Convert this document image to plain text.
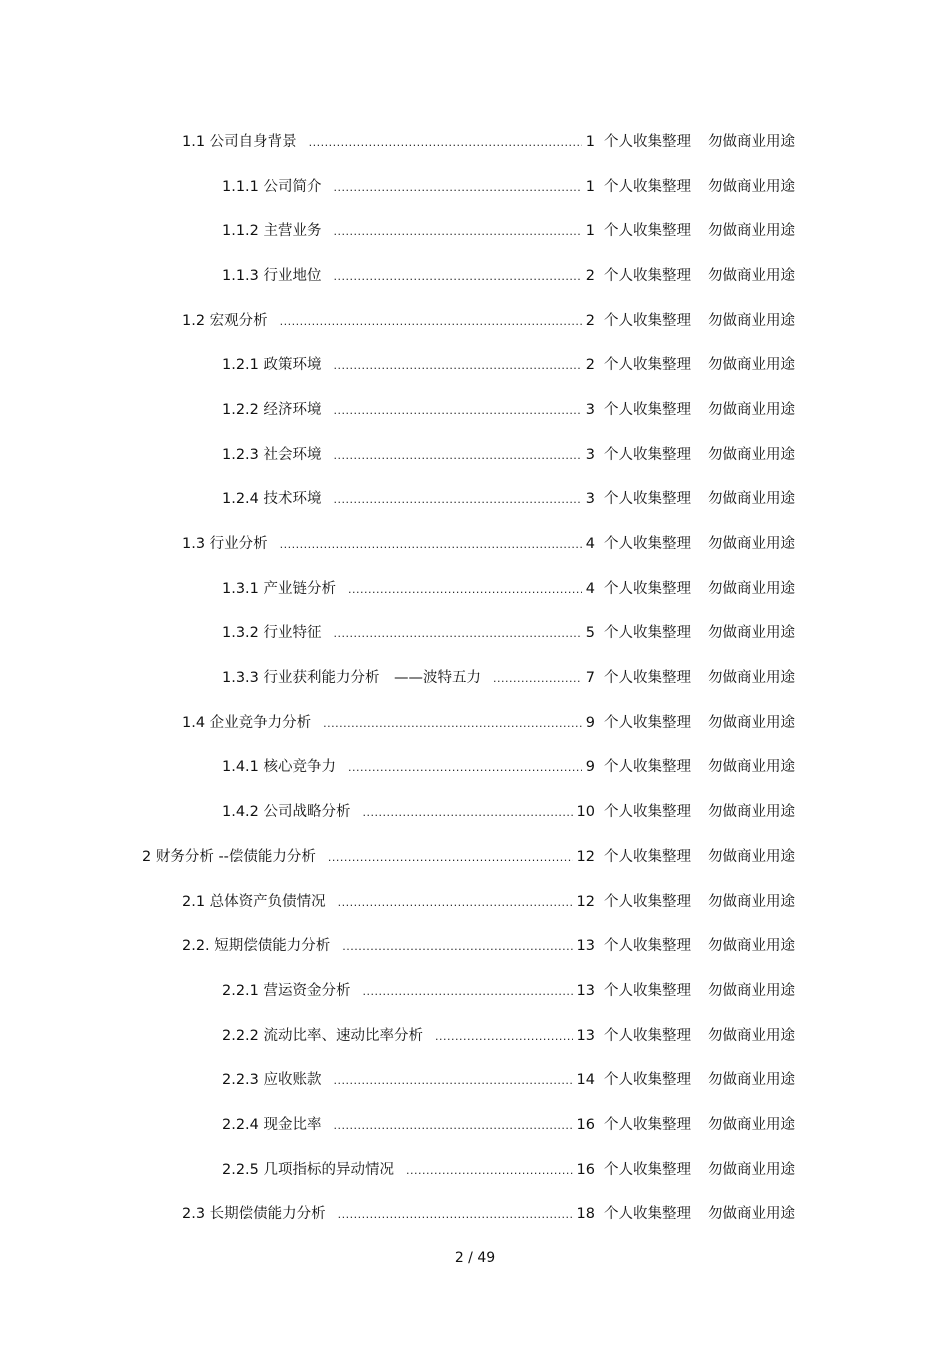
1.1 公司自身背景 .....	1 个人收集整理 勿做商业用途
1.1.1 公司简介 .....	1 个人收集整理 勿做商业用途
1.1.2 主营业务 .....	1 个人收集整理 勿做商业用途
1.1.3 行业地位 .....	2 个人收集整理 勿做商业用途
1.2 宏观分析 .....	2 个人收集整理 勿做商业用途
1.2.1 政策环境 .....	2 个人收集整理 勿做商业用途
1.2.2 经济环境 .....	3 个人收集整理 勿做商业用途
1.2.3 社会环境 .....	3 个人收集整理 勿做商业用途
1.2.4 技术环境 .....	3 个人收集整理 勿做商业用途
1.3 行业分析 .....	4 个人收集整理 勿做商业用途
1.3.1 产业链分析 .....	4 个人收集整理 勿做商业用途
1.3.2 行业特征 .....	5 个人收集整理 勿做商业用途
1.3.3 行业获利能力分析　——波特五力 .....	7 个人收集整理 勿做商业用途
1.4 企业竞争力分析 .....	9 个人收集整理 勿做商业用途
1.4.1 核心竞争力 .....	9 个人收集整理 勿做商业用途
1.4.2 公司战略分析 .....	10 个人收集整理 勿做商业用途
2 财务分析 --偿债能力分析 .....	12 个人收集整理 勿做商业用途
2.1 总体资产负债情况 .....	12 个人收集整理 勿做商业用途
2.2. 短期偿债能力分析 .....	13 个人收集整理 勿做商业用途
2.2.1 营运资金分析 .....	13 个人收集整理 勿做商业用途
2.2.2 流动比率、速动比率分析 .....	13 个人收集整理 勿做商业用途
2.2.3 应收账款 .....	14 个人收集整理 勿做商业用途
2.2.4 现金比率 .....	16 个人收集整理 勿做商业用途
2.2.5 几项指标的异动情况 .....	16 个人收集整理 勿做商业用途
2.3 长期偿债能力分析 .....	18 个人收集整理 勿做商业用途
2 / 49
